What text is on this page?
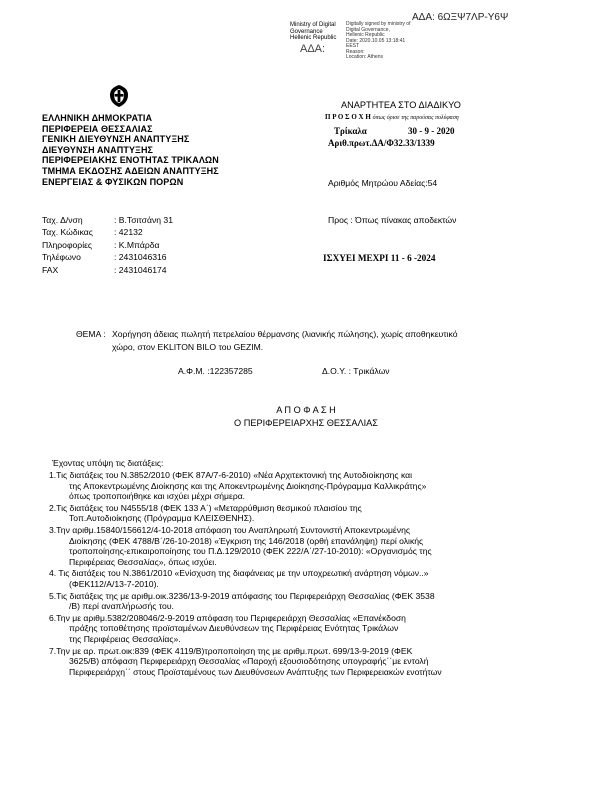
ΑΔΑ: 6ΩΞΨ7ΛΡ-Υ6Ψ
Ministry of Digital
Governance
Hellenic Republic
Digitally signed by ministry of
Digital Governance,
Hellenic Republic
Date: 2020.10.05 13:18:41
EEST
Reason:
Location: Athens
ΑΔΑ:
ΕΛΛΗΝΙΚΗ ΔΗΜΟΚΡΑΤΙΑ
ΠΕΡΙΦΕΡΕΙΑ ΘΕΣΣΑΛΙΑΣ
ΓΕΝΙΚΗ ΔΙΕΥΘΥΝΣΗ ΑΝΑΠΤΥΞΗΣ
ΔΙΕΥΘΥΝΣΗ ΑΝΑΠΤΥΞΗΣ
ΠΕΡΙΦΕΡΕΙΑΚΗΣ ΕΝΟΤΗΤΑΣ ΤΡΙΚΑΛΩΝ
ΤΜΗΜΑ ΕΚΔΟΣΗΣ ΑΔΕΙΩΝ ΑΝΑΠΤΥΞΗΣ
ΕΝΕΡΓΕΙΑΣ & ΦΥΣΙΚΩΝ ΠΟΡΩΝ
ΑΝΑΡΤΗΤΕΑ ΣΤΟ ΔΙΑΔΙΚΥΟ
Π Ρ Ο Σ Ο Χ Η όπως όρισε της παρούσας πολύφαση
Τρίκαλα	30 - 9 - 2020
Αριθ.πρωτ.ΔΑ/Φ32.33/1339
Αριθμός Μητρώου Αδείας:54
Προς : Όπως πίνακας αποδεκτών
ΙΣΧΥΕΙ ΜΕΧΡΙ 11 - 6 -2024
Ταχ. Δ/νση	: Β.Τσιτσάνη 31
Ταχ. Κώδικας : 42132
Πληροφορίες	: Κ.Μπάρδα
Τηλέφωνο	: 2431046316
FAX	: 2431046174
ΘΕΜΑ : Χορήγηση άδειας πωλητή πετρελαίου θέρμανσης (λιανικής πώλησης), χωρίς αποθηκευτικό
χώρο, στον EKLITON BILO του GEZIM.
Α.Φ.Μ. :122357285	Δ.Ο.Υ. : Τρικάλων
Α Π Ο Φ Α Σ Η
Ο ΠΕΡΙΦΕΡΕΙΑΡΧΗΣ ΘΕΣΣΑΛΙΑΣ
Έχοντας υπόψη τις διατάξεις:
1.Τις διατάξεις του Ν.3852/2010 (ΦΕΚ 87Α/7-6-2010) «Νέα Αρχιτεκτονική της Αυτοδιοίκησης και
της Αποκεντρωμένης Διοίκησης και της Αποκεντρωμένης Διοίκησης-Πρόγραμμα Καλλικράτης»
όπως τροποποιήθηκε και ισχύει μέχρι σήμερα.
2.Τις διατάξεις του Ν4555/18 (ΦΕΚ 133 Α΄) «Μεταρρύθμιση θεσμικού πλαισίου της
Τοπ.Αυτοδιοίκησης (Πρόγραμμα ΚΛΕΙΣΘΕΝΗΣ).
3.Την αριθμ.15840/156612/4-10-2018 απόφαση του Αναπληρωτή Συντονιστή Αποκεντρωμένης
Διοίκησης (ΦΕΚ 4788/Β΄/26-10-2018) «Έγκριση της 146/2018 (ορθή επανάληψη) περί ολικής
τροποποίησης-επικαιροποίησης του Π.Δ.129/2010 (ΦΕΚ 222/Α΄/27-10-2010): «Οργανισμός της
Περιφέρειας Θεσσαλίας», όπως ισχύει.
4. Τις διατάξεις του Ν.3861/2010 «Ενίσχυση της διαφάνειας με την υποχρεωτική ανάρτηση νόμων..»
(ΦΕΚ112/Α/13-7-2010).
5.Τις διατάξεις της με αριθμ.οικ.3236/13-9-2019 απόφασης του Περιφερειάρχη Θεσσαλίας (ΦΕΚ 3538
/Β) περί αναπλήρωσής του.
6.Την με αριθμ.5382/208046/2-9-2019 απόφαση του Περιφερειάρχη Θεσσαλίας «Επανέκδοση
πράξης τοποθέτησης προϊσταμένων Διευθύνσεων της Περιφέρειας Ενότητας Τρικάλων
της Περιφέρειας Θεσσαλίας».
7.Την με αρ. πρωτ.οικ:839 (ΦΕΚ 4119/Β)τροποποίηση της με αριθμ.πρωτ. 699/13-9-2019 (ΦΕΚ
3625/Β) απόφαση Περιφερειάρχη Θεσσαλίας «Παροχή εξουσιοδότησης υπογραφής΄΄με εντολή
Περιφερειάρχη΄΄ στους Προϊσταμένους των Διευθύνσεων Ανάπτυξης των Περιφερειακών ενοτήτων
